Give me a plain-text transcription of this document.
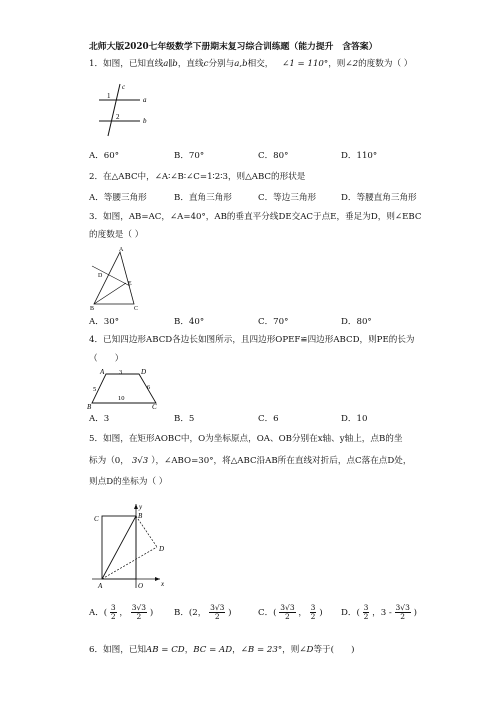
北师大版2020七年级数学下册期末复习综合训练题（能力提升　含答案）
1．如图，已知直线a∥b，直线c分别与a,b相交， ∠1 = 110°，则∠2的度数为（ ）
c
1	a
2	b
A．60°	B．70°	C．80°	D．110°
2．在△ABC中，∠A∶∠B∶∠C=1∶2∶3，则△ABC的形状是
A．等腰三角形	B．直角三角形	C．等边三角形	D．等腰直角三角形
3．如图，AB=AC，∠A=40°，AB的垂直平分线DE交AC于点E，垂足为D，则∠EBC
的度数是（ ）
A
D
E
B	C
A．30°	B．40°	C．70°	D．80°
4．已知四边形ABCD各边长如图所示，且四边形OPEF≌四边形ABCD，则PE的长为
（　　）
A 3	D
5	6
B
10
C
A．3	B．5	C．6	D．10
5．如图，在矩形AOBC中，O为坐标原点，OA、OB分别在x轴、y轴上，点B的坐
标为（0， 3√3 ），∠ABO=30°，将△ABC沿AB所在直线对折后，点C落在点D处，
则点D的坐标为（ ）
y
C	B
D
A	O	x
A．( $\frac{3}{2}$ ， $\frac{3√3}{2}$ ) B．(2， $\frac{3√3}{2}$ )	C．( $\frac{3√3}{2}$ ， $\frac{3}{2}$ ) D．( $\frac{3}{2}$ ，$3 - \frac{3√3}{2}$ )
6．如图，已知AB = CD，BC = AD，∠B = 23°，则∠D等于(　　)
